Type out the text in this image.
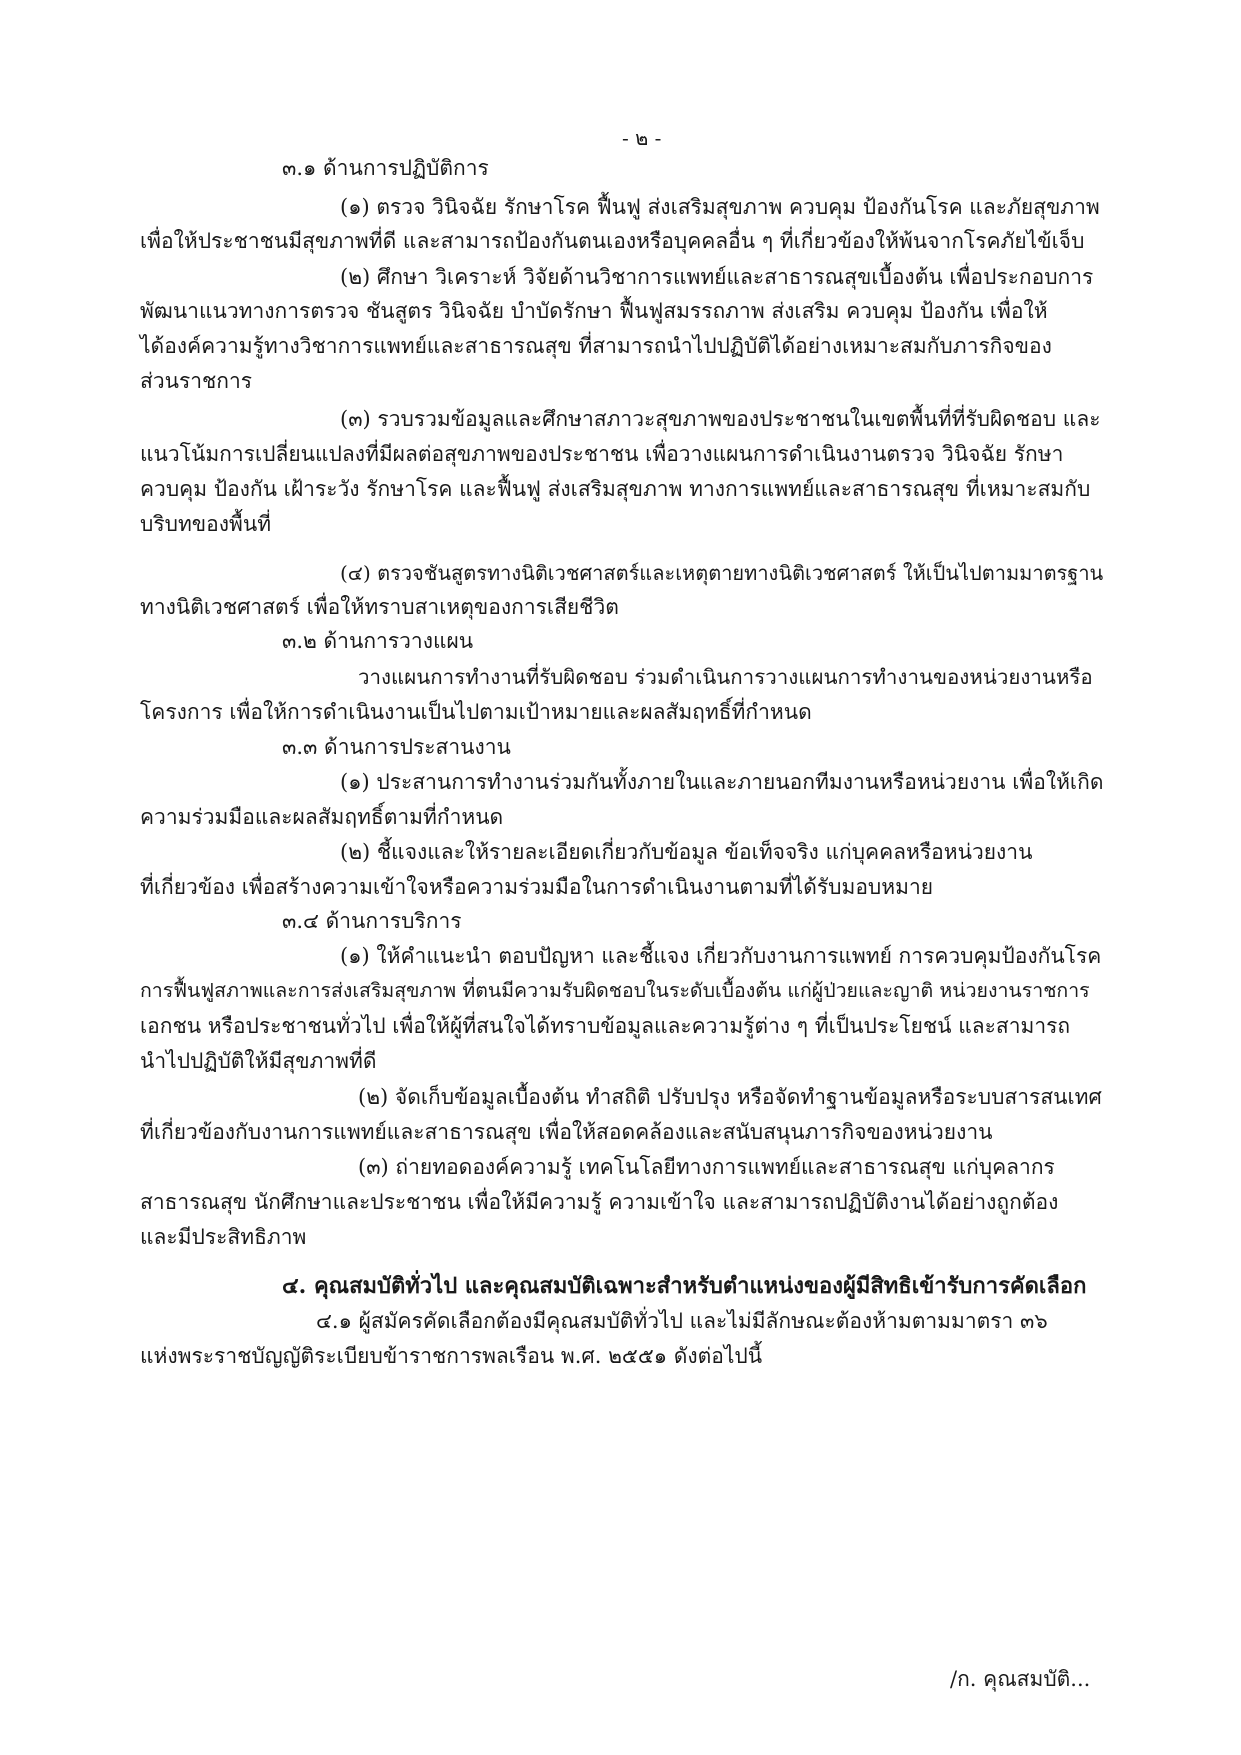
- ๒ -
๓.๑ ด้านการปฏิบัติการ
(๑) ตรวจ วินิจฉัย รักษาโรค ฟื้นฟู ส่งเสริมสุขภาพ ควบคุม ป้องกันโรค และภัยสุขภาพ
เพื่อให้ประชาชนมีสุขภาพที่ดี และสามารถป้องกันตนเองหรือบุคคลอื่น ๆ ที่เกี่ยวข้องให้พ้นจากโรคภัยไข้เจ็บ
(๒) ศึกษา วิเคราะห์ วิจัยด้านวิชาการแพทย์และสาธารณสุขเบื้องต้น เพื่อประกอบการ
พัฒนาแนวทางการตรวจ ชันสูตร วินิจฉัย บำบัดรักษา ฟื้นฟูสมรรถภาพ ส่งเสริม ควบคุม ป้องกัน เพื่อให้
ได้องค์ความรู้ทางวิชาการแพทย์และสาธารณสุข ที่สามารถนำไปปฏิบัติได้อย่างเหมาะสมกับภารกิจของ
ส่วนราชการ
(๓) รวบรวมข้อมูลและศึกษาสภาวะสุขภาพของประชาชนในเขตพื้นที่ที่รับผิดชอบ และ
แนวโน้มการเปลี่ยนแปลงที่มีผลต่อสุขภาพของประชาชน เพื่อวางแผนการดำเนินงานตรวจ วินิจฉัย รักษา
ควบคุม ป้องกัน เฝ้าระวัง รักษาโรค และฟื้นฟู ส่งเสริมสุขภาพ ทางการแพทย์และสาธารณสุข ที่เหมาะสมกับ
บริบทของพื้นที่
(๔) ตรวจชันสูตรทางนิติเวชศาสตร์และเหตุตายทางนิติเวชศาสตร์ ให้เป็นไปตามมาตรฐาน
ทางนิติเวชศาสตร์ เพื่อให้ทราบสาเหตุของการเสียชีวิต
๓.๒ ด้านการวางแผน
วางแผนการทำงานที่รับผิดชอบ ร่วมดำเนินการวางแผนการทำงานของหน่วยงานหรือ
โครงการ เพื่อให้การดำเนินงานเป็นไปตามเป้าหมายและผลสัมฤทธิ์ที่กำหนด
๓.๓ ด้านการประสานงาน
(๑) ประสานการทำงานร่วมกันทั้งภายในและภายนอกทีมงานหรือหน่วยงาน เพื่อให้เกิด
ความร่วมมือและผลสัมฤทธิ์ตามที่กำหนด
(๒) ชี้แจงและให้รายละเอียดเกี่ยวกับข้อมูล ข้อเท็จจริง แก่บุคคลหรือหน่วยงาน
ที่เกี่ยวข้อง เพื่อสร้างความเข้าใจหรือความร่วมมือในการดำเนินงานตามที่ได้รับมอบหมาย
๓.๔ ด้านการบริการ
(๑) ให้คำแนะนำ ตอบปัญหา และชี้แจง เกี่ยวกับงานการแพทย์ การควบคุมป้องกันโรค
การฟื้นฟูสภาพและการส่งเสริมสุขภาพ ที่ตนมีความรับผิดชอบในระดับเบื้องต้น แก่ผู้ป่วยและญาติ หน่วยงานราชการ
เอกชน หรือประชาชนทั่วไป เพื่อให้ผู้ที่สนใจได้ทราบข้อมูลและความรู้ต่าง ๆ ที่เป็นประโยชน์ และสามารถ
นำไปปฏิบัติให้มีสุขภาพที่ดี
(๒) จัดเก็บข้อมูลเบื้องต้น ทำสถิติ ปรับปรุง หรือจัดทำฐานข้อมูลหรือระบบสารสนเทศ
ที่เกี่ยวข้องกับงานการแพทย์และสาธารณสุข เพื่อให้สอดคล้องและสนับสนุนภารกิจของหน่วยงาน
(๓) ถ่ายทอดองค์ความรู้ เทคโนโลยีทางการแพทย์และสาธารณสุข แก่บุคลากร
สาธารณสุข นักศึกษาและประชาชน เพื่อให้มีความรู้ ความเข้าใจ และสามารถปฏิบัติงานได้อย่างถูกต้อง
และมีประสิทธิภาพ
๔. คุณสมบัติทั่วไป และคุณสมบัติเฉพาะสำหรับตำแหน่งของผู้มีสิทธิเข้ารับการคัดเลือก
๔.๑ ผู้สมัครคัดเลือกต้องมีคุณสมบัติทั่วไป และไม่มีลักษณะต้องห้ามตามมาตรา ๓๖
แห่งพระราชบัญญัติระเบียบข้าราชการพลเรือน พ.ศ. ๒๕๕๑ ดังต่อไปนี้
/ก. คุณสมบัติ...
